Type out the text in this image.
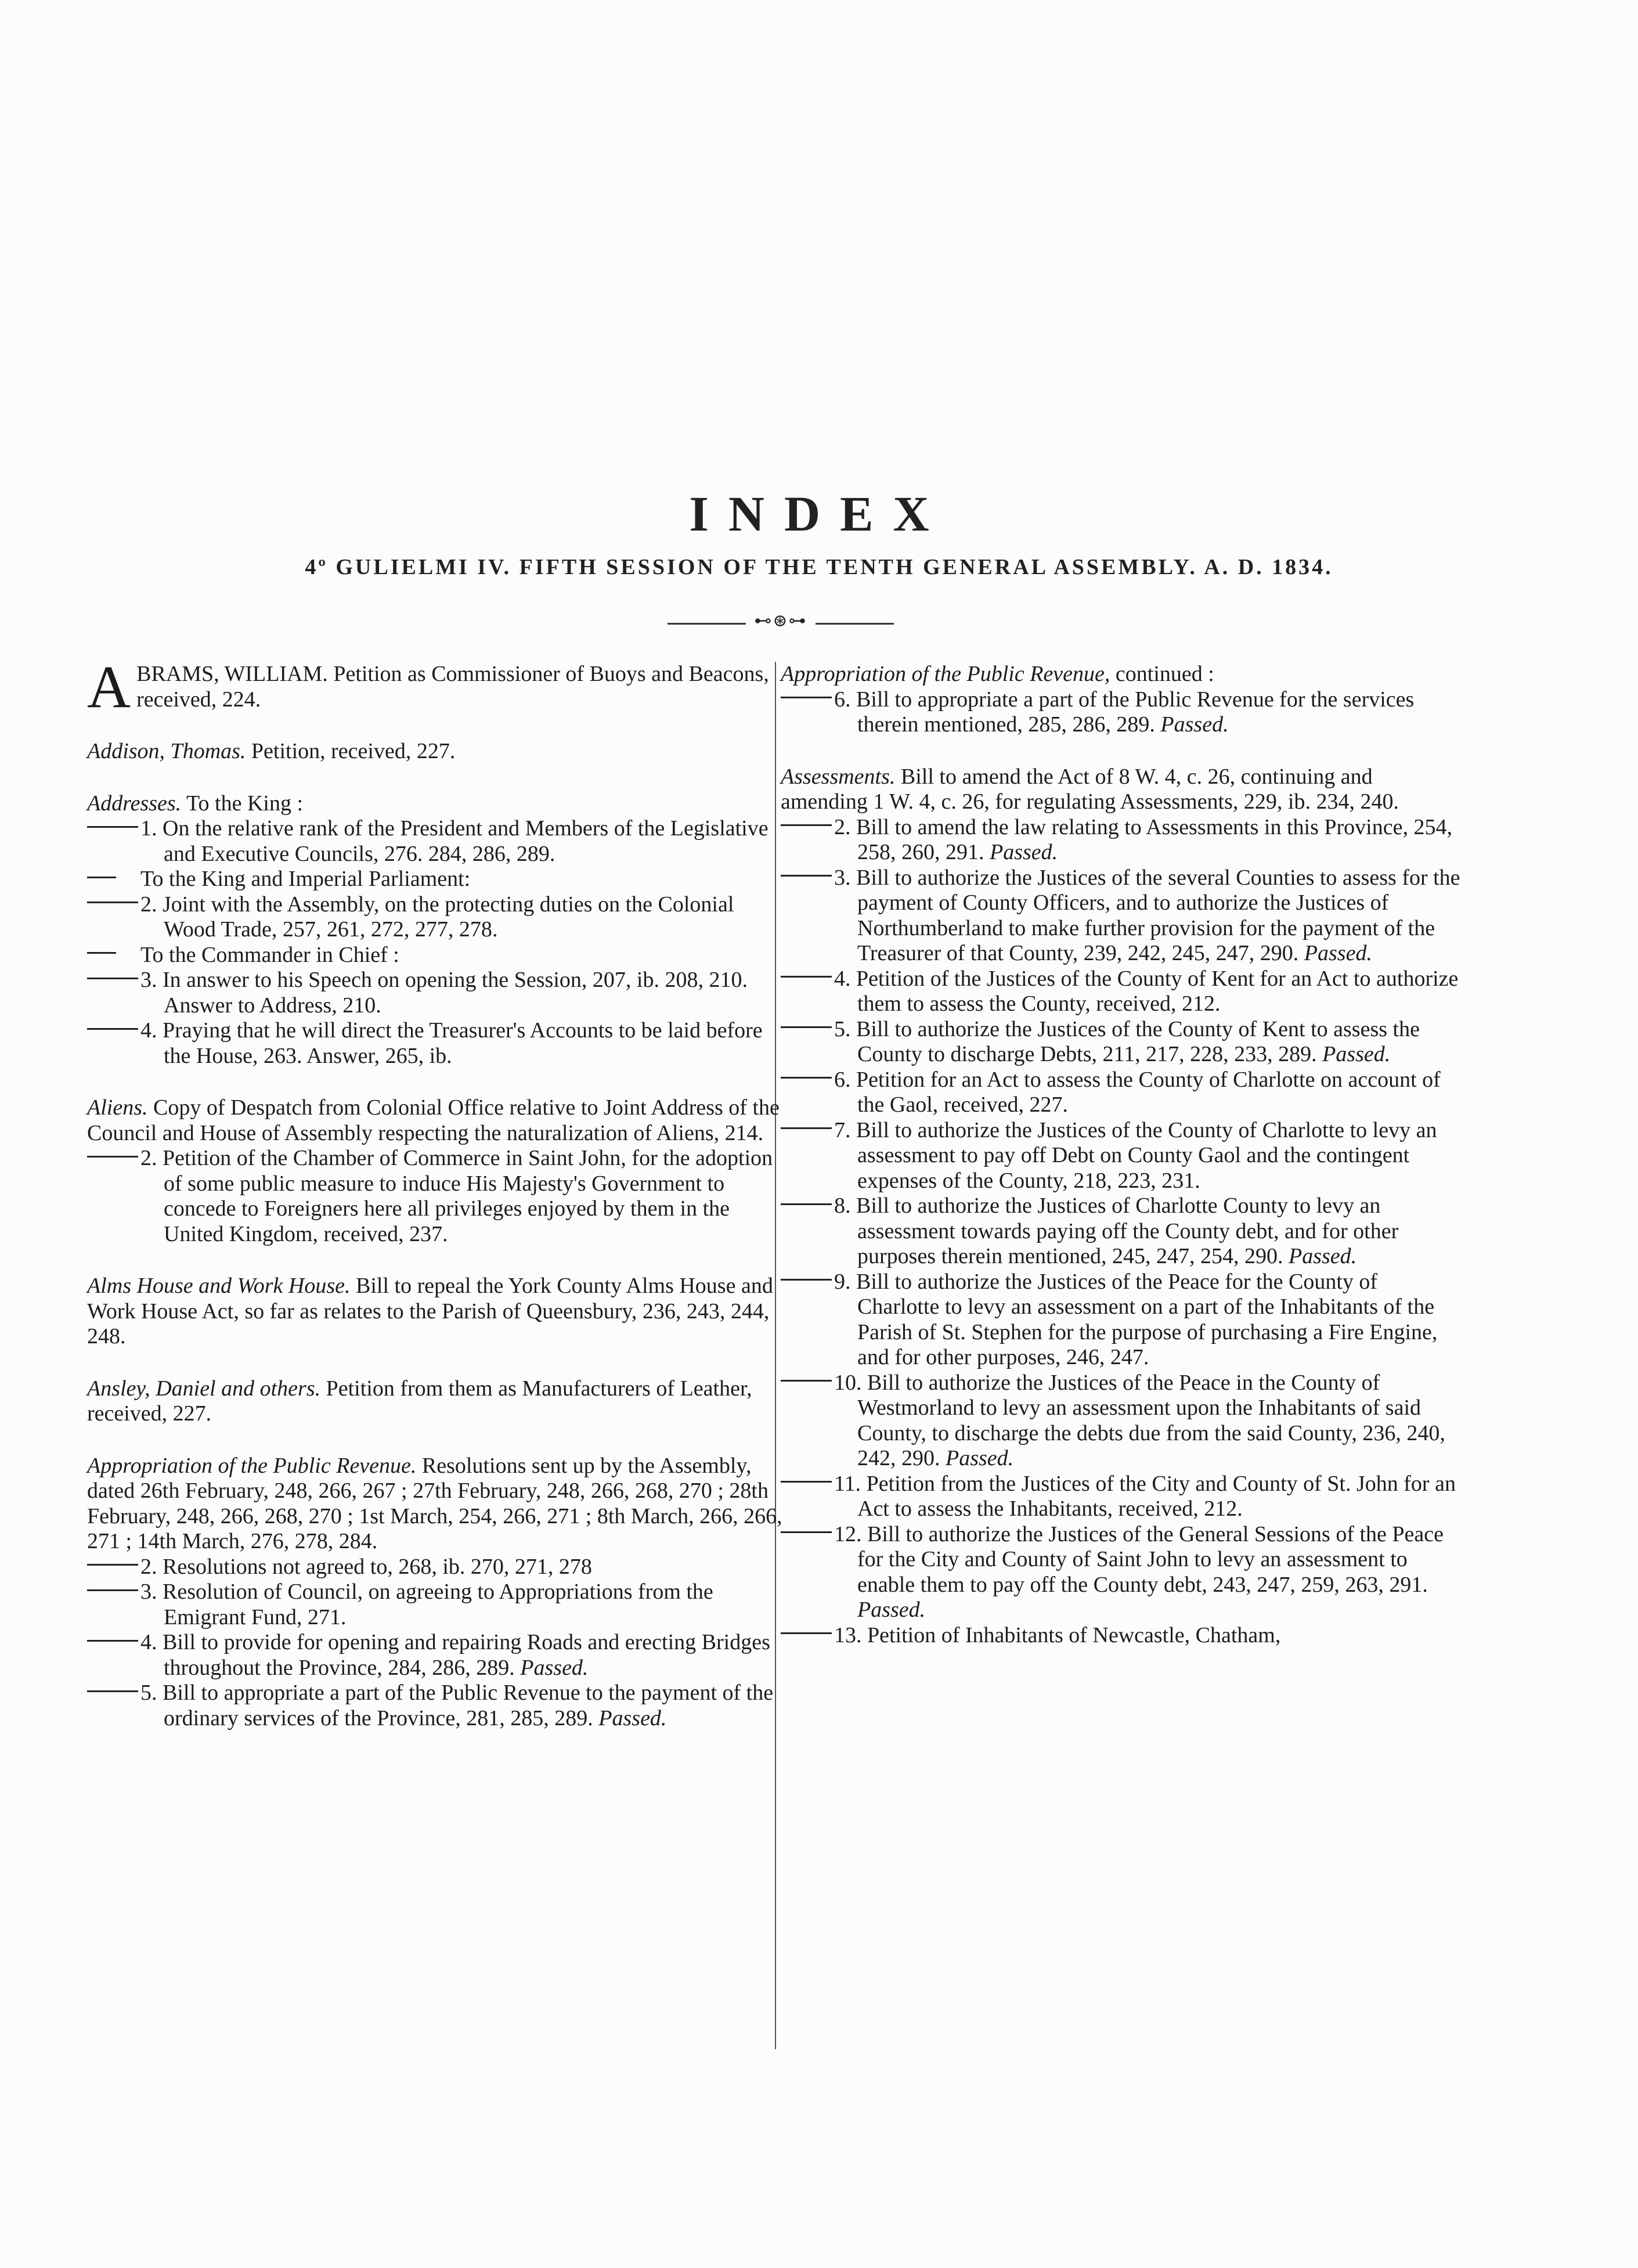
INDEX
4º GULIELMI IV. FIFTH SESSION OF THE TENTH GENERAL ASSEMBLY. A. D. 1834.
⊷⊛⊶
ABRAMS, WILLIAM. Petition as Commissioner of Buoys and Beacons, received, 224.
Addison, Thomas. Petition, received, 227.
Addresses. To the King :
1. On the relative rank of the President and Members of the Legislative and Executive Councils, 276. 284, 286, 289.
To the King and Imperial Parliament:
2. Joint with the Assembly, on the protecting duties on the Colonial Wood Trade, 257, 261, 272, 277, 278.
To the Commander in Chief :
3. In answer to his Speech on opening the Session, 207, ib. 208, 210. Answer to Address, 210.
4. Praying that he will direct the Treasurer's Accounts to be laid before the House, 263. Answer, 265, ib.
Aliens. Copy of Despatch from Colonial Office relative to Joint Address of the Council and House of Assembly respecting the naturalization of Aliens, 214.
2. Petition of the Chamber of Commerce in Saint John, for the adoption of some public measure to induce His Majesty's Government to concede to Foreigners here all privileges enjoyed by them in the United Kingdom, received, 237.
Alms House and Work House. Bill to repeal the York County Alms House and Work House Act, so far as relates to the Parish of Queensbury, 236, 243, 244, 248.
Ansley, Daniel and others. Petition from them as Manufacturers of Leather, received, 227.
Appropriation of the Public Revenue. Resolutions sent up by the Assembly, dated 26th February, 248, 266, 267 ; 27th February, 248, 266, 268, 270 ; 28th February, 248, 266, 268, 270 ; 1st March, 254, 266, 271 ; 8th March, 266, 266, 271 ; 14th March, 276, 278, 284.
2. Resolutions not agreed to, 268, ib. 270, 271, 278
3. Resolution of Council, on agreeing to Appropriations from the Emigrant Fund, 271.
4. Bill to provide for opening and repairing Roads and erecting Bridges throughout the Province, 284, 286, 289. Passed.
5. Bill to appropriate a part of the Public Revenue to the payment of the ordinary services of the Province, 281, 285, 289. Passed.
Appropriation of the Public Revenue, continued :
6. Bill to appropriate a part of the Public Revenue for the services therein mentioned, 285, 286, 289. Passed.
Assessments. Bill to amend the Act of 8 W. 4, c. 26, continuing and amending 1 W. 4, c. 26, for regulating Assessments, 229, ib. 234, 240.
2. Bill to amend the law relating to Assessments in this Province, 254, 258, 260, 291. Passed.
3. Bill to authorize the Justices of the several Counties to assess for the payment of County Officers, and to authorize the Justices of Northumberland to make further provision for the payment of the Treasurer of that County, 239, 242, 245, 247, 290. Passed.
4. Petition of the Justices of the County of Kent for an Act to authorize them to assess the County, received, 212.
5. Bill to authorize the Justices of the County of Kent to assess the County to discharge Debts, 211, 217, 228, 233, 289. Passed.
6. Petition for an Act to assess the County of Charlotte on account of the Gaol, received, 227.
7. Bill to authorize the Justices of the County of Charlotte to levy an assessment to pay off Debt on County Gaol and the contingent expenses of the County, 218, 223, 231.
8. Bill to authorize the Justices of Charlotte County to levy an assessment towards paying off the County debt, and for other purposes therein mentioned, 245, 247, 254, 290. Passed.
9. Bill to authorize the Justices of the Peace for the County of Charlotte to levy an assessment on a part of the Inhabitants of the Parish of St. Stephen for the purpose of purchasing a Fire Engine, and for other purposes, 246, 247.
10. Bill to authorize the Justices of the Peace in the County of Westmorland to levy an assessment upon the Inhabitants of said County, to discharge the debts due from the said County, 236, 240, 242, 290. Passed.
11. Petition from the Justices of the City and County of St. John for an Act to assess the Inhabitants, received, 212.
12. Bill to authorize the Justices of the General Sessions of the Peace for the City and County of Saint John to levy an assessment to enable them to pay off the County debt, 243, 247, 259, 263, 291. Passed.
13. Petition of Inhabitants of Newcastle, Chatham,
